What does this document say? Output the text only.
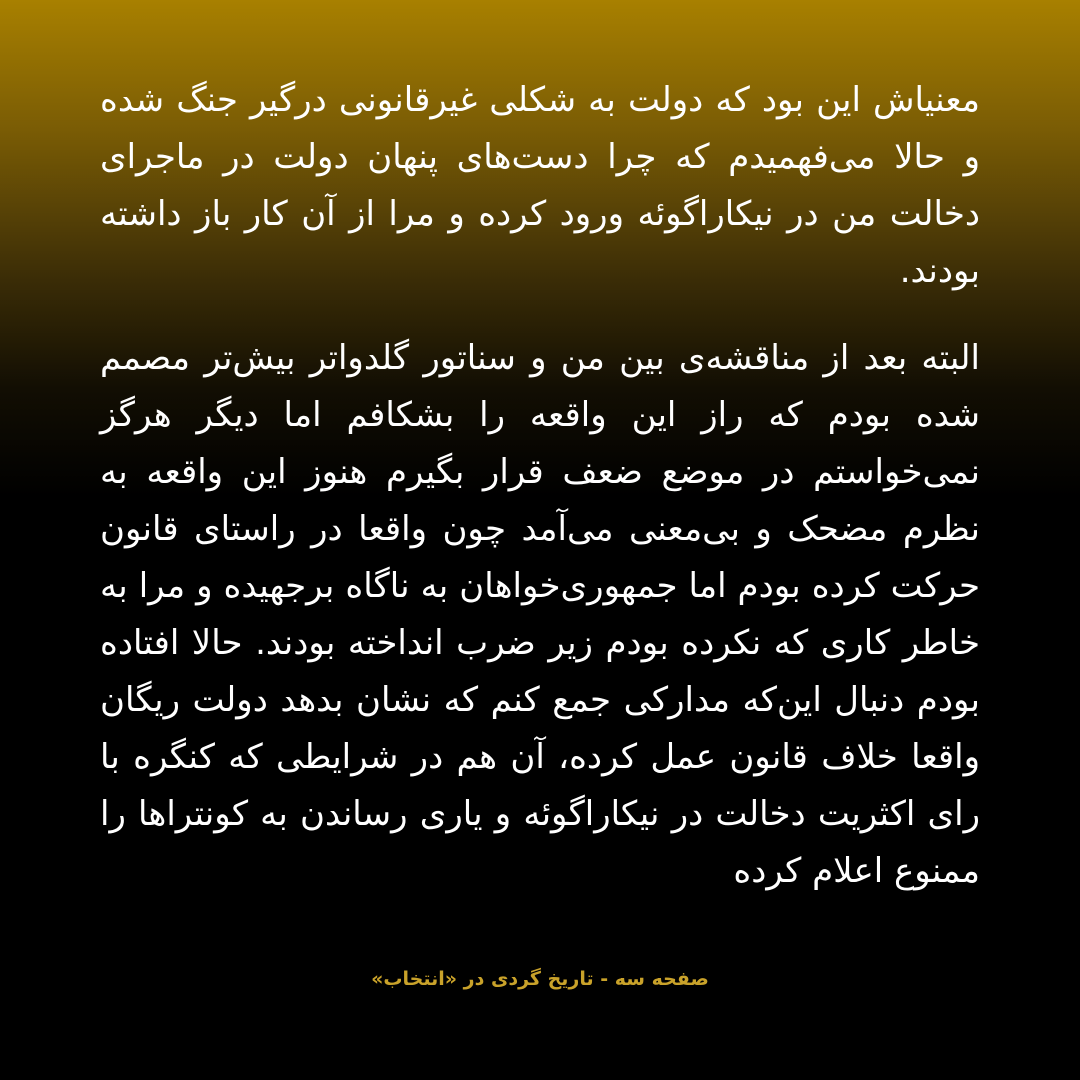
معنیاش این بود که دولت به شکلی غیرقانونی درگیر جنگ شده و حالا می‌فهمیدم که چرا دست‌های پنهان دولت در ماجرای دخالت من در نیکاراگوئه ورود کرده و مرا از آن کار باز داشته بودند.

البته بعد از مناقشه‌ی بین من و سناتور گلدواتر بیش‌تر مصمم شده بودم که راز این واقعه را بشکافم اما دیگر هرگز نمی‌خواستم در موضع ضعف قرار بگیرم هنوز این واقعه به نظرم مضحک و بی‌معنی می‌آمد چون واقعا در راستای قانون حرکت کرده بودم اما جمهوری‌خواهان به ناگاه برجهیده و مرا به خاطر کاری که نکرده بودم زیر ضرب انداخته بودند. حالا افتاده بودم دنبال این‌که مدارکی جمع کنم که نشان بدهد دولت ریگان واقعا خلاف قانون عمل کرده، آن هم در شرایطی که کنگره با رای اکثریت دخالت در نیکاراگوئه و یاری رساندن به کونتراها را ممنوع اعلام کرده

صفحه سه - تاریخ گردی در «انتخاب»
